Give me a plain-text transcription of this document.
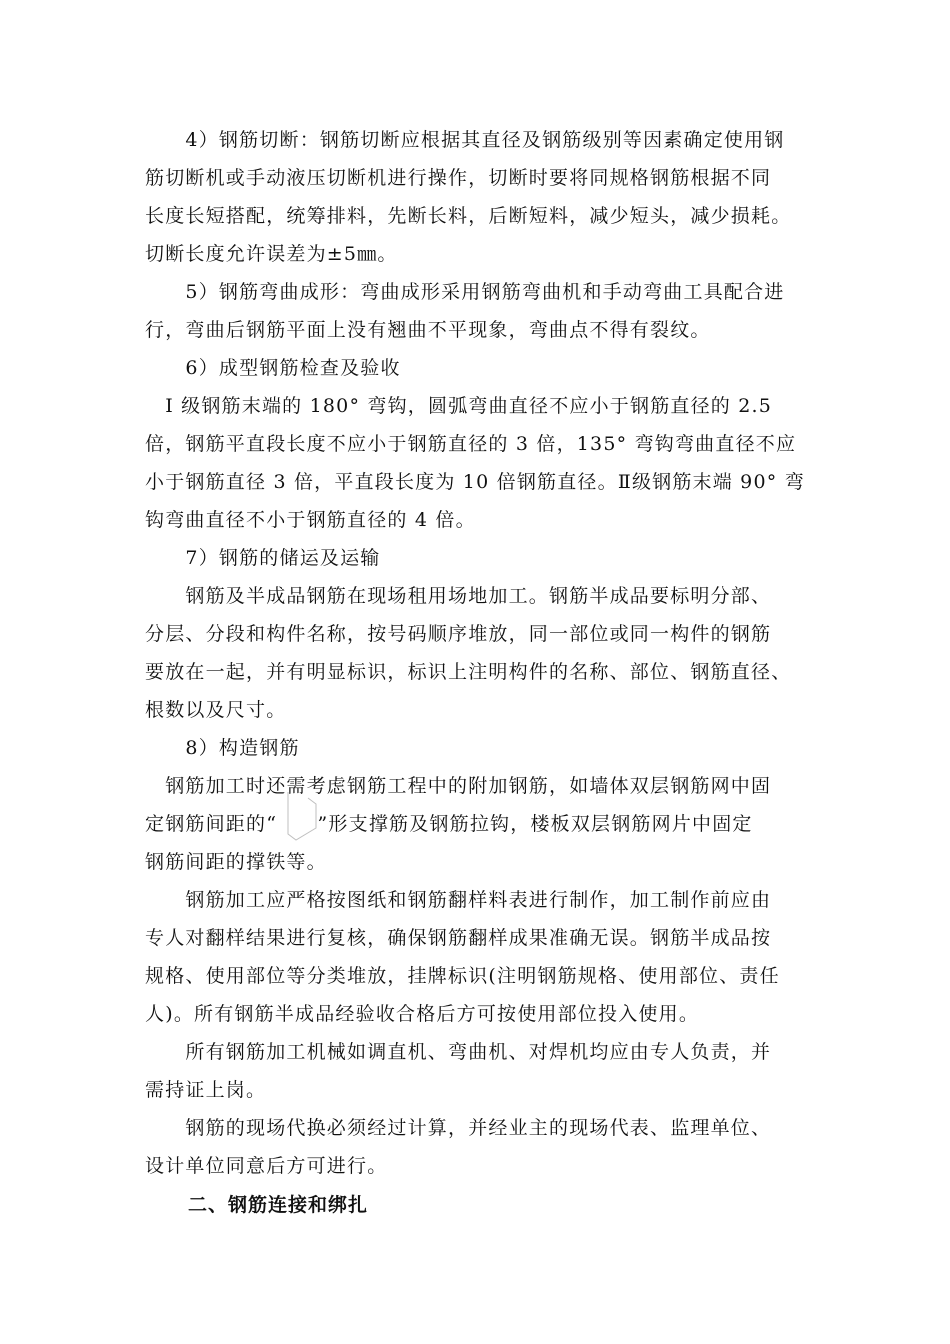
　　4）钢筋切断：钢筋切断应根据其直径及钢筋级别等因素确定使用钢
筋切断机或手动液压切断机进行操作，切断时要将同规格钢筋根据不同
长度长短搭配，统筹排料，先断长料，后断短料，减少短头，减少损耗。
切断长度允许误差为±5㎜。
　　5）钢筋弯曲成形：弯曲成形采用钢筋弯曲机和手动弯曲工具配合进
行，弯曲后钢筋平面上没有翘曲不平现象，弯曲点不得有裂纹。
　　6）成型钢筋检查及验收
　Ⅰ 级钢筋末端的 180° 弯钩，圆弧弯曲直径不应小于钢筋直径的 2.5
倍，钢筋平直段长度不应小于钢筋直径的 3 倍，135° 弯钩弯曲直径不应
小于钢筋直径 3 倍，平直段长度为 10 倍钢筋直径。Ⅱ级钢筋末端 90° 弯
钩弯曲直径不小于钢筋直径的 4 倍。
　　7）钢筋的储运及运输
　　钢筋及半成品钢筋在现场租用场地加工。钢筋半成品要标明分部、
分层、分段和构件名称，按号码顺序堆放，同一部位或同一构件的钢筋
要放在一起，并有明显标识，标识上注明构件的名称、部位、钢筋直径、
根数以及尺寸。
　　8）构造钢筋
　钢筋加工时还需考虑钢筋工程中的附加钢筋，如墙体双层钢筋网中固
定钢筋间距的“　　”形支撑筋及钢筋拉钩，楼板双层钢筋网片中固定
钢筋间距的撑铁等。
　　钢筋加工应严格按图纸和钢筋翻样料表进行制作，加工制作前应由
专人对翻样结果进行复核，确保钢筋翻样成果准确无误。钢筋半成品按
规格、使用部位等分类堆放，挂牌标识(注明钢筋规格、使用部位、责任
人)。所有钢筋半成品经验收合格后方可按使用部位投入使用。
　　所有钢筋加工机械如调直机、弯曲机、对焊机均应由专人负责，并
需持证上岗。
　　钢筋的现场代换必须经过计算，并经业主的现场代表、监理单位、
设计单位同意后方可进行。
二、钢筋连接和绑扎
